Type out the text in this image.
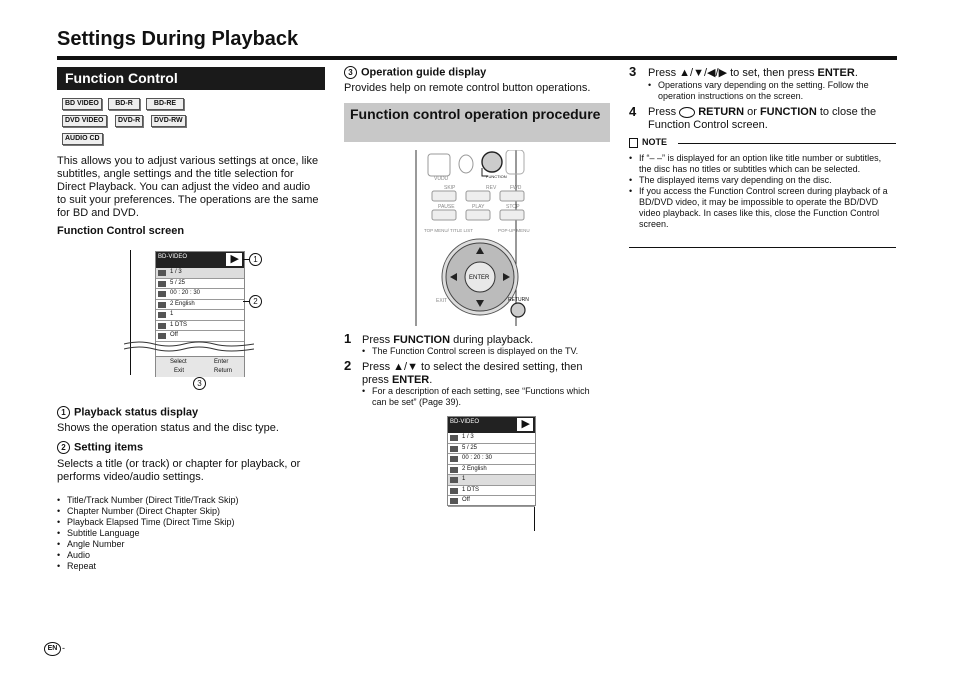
Settings During Playback
Function Control
BD VIDEO	BD-R	BD-RE
DVD VIDEO	DVD-R	DVD-RW
AUDIO CD
This allows you to adjust various settings at once, like subtitles, angle settings and the title selection for Direct Playback. You can adjust the video and audio to suit your preferences. The operations are the same for BD and DVD.
Function Control screen
BD-VIDEO	▶
1 / 3
5 / 25
00 : 20 : 30
2 English
1
1 DTS
Off
Select	Enter
Exit	Return
1
2
3
1 Playback status display
Shows the operation status and the disc type.
2 Setting items
Selects a title (or track) or chapter for playback, or performs video/audio settings.
• Title/Track Number (Direct Title/Track Skip)
• Chapter Number (Direct Chapter Skip)
• Playback Elapsed Time (Direct Time Skip)
• Subtitle Language
• Angle Number
• Audio
• Repeat
3 Operation guide display
Provides help on remote control button operations.
Function control operation procedure
VUDU	FUNCTION
SKIP	REV	FWD
PAUSE	PLAY	STOP
TOP MENU/ TITLE LIST	POP-UP MENU
ENTER
EXIT	RETURN
1 Press FUNCTION during playback.
• The Function Control screen is displayed on the TV.
2 Press ▲/▼ to select the desired setting, then press ENTER.
• For a description of each setting, see “Functions which can be set” (Page 39).
BD-VIDEO	▶
1 / 3
5 / 25
00 : 20 : 30
2 English
1
1 DTS
Off
3 Press ▲/▼/◀/▶ to set, then press ENTER.
• Operations vary depending on the setting. Follow the operation instructions on the screen.
4 Press RETURN or FUNCTION to close the Function Control screen.
NOTE
• If “– –” is displayed for an option like title number or subtitles, the disc has no titles or subtitles which can be selected.
• The displayed items vary depending on the disc.
• If you access the Function Control screen during playback of a BD/DVD video, it may be impossible to operate the BD/DVD video playback. In cases like this, close the Function Control screen.
EN -
